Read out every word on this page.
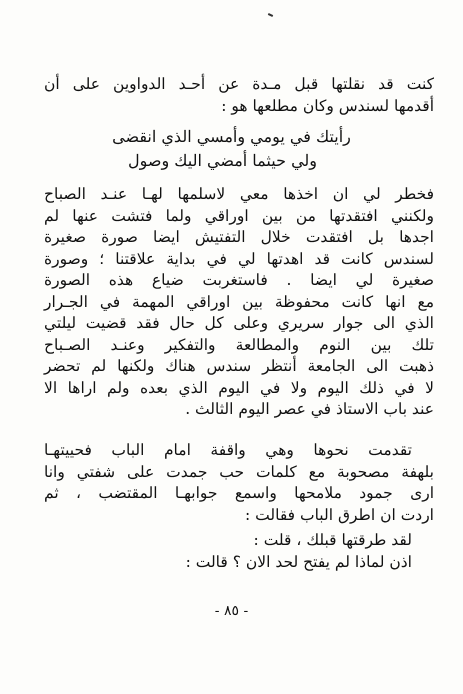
كنت قد نقلتها قبل مـدة عن أحـد الدواوين على أن
أقدمها لسندس وكان مطلعها هو :
رأيتك في يومي وأمسي الذي انقضى
ولي حيثما أمضي اليك وصول
فخطر لي ان اخذها معي لاسلمها لهـا عنـد الصباح
ولكنني افتقدتها من بين اوراقي ولما فتشت عنها لم
اجدها بل افتقدت خلال التفتيش ايضا صورة صغيرة
لسندس كانت قد اهدتها لي في بداية علاقتنا ؛ وصورة
صغيرة لي ايضا . فاستغربت ضياع هذه الصورة
مع انها كانت محفوظة بين اوراقي المهمة في الجـرار
الذي الى جوار سريري وعلى كل حال فقد قضيت ليلتي
تلك بين النوم والمطالعة والتفكير وعنـد الصـباح
ذهبت الى الجامعة أنتظر سندس هناك ولكنها لم تحضر
لا في ذلك اليوم ولا في اليوم الذي بعده ولم اراها الا
عند باب الاستاذ في عصر اليوم الثالث .
تقدمت نحوها وهي واقفة امام الباب فحييتهـا
بلهفة مصحوبة مع كلمات حب جمدت على شفتي وانا
ارى جمود ملامحها واسمع جوابهـا المقتضب ، ثم
اردت ان اطرق الباب فقالت :
لقد طرقتها قبلك ، قلت :
اذن لماذا لم يفتح لحد الان ؟ قالت :
- ٨٥ -
